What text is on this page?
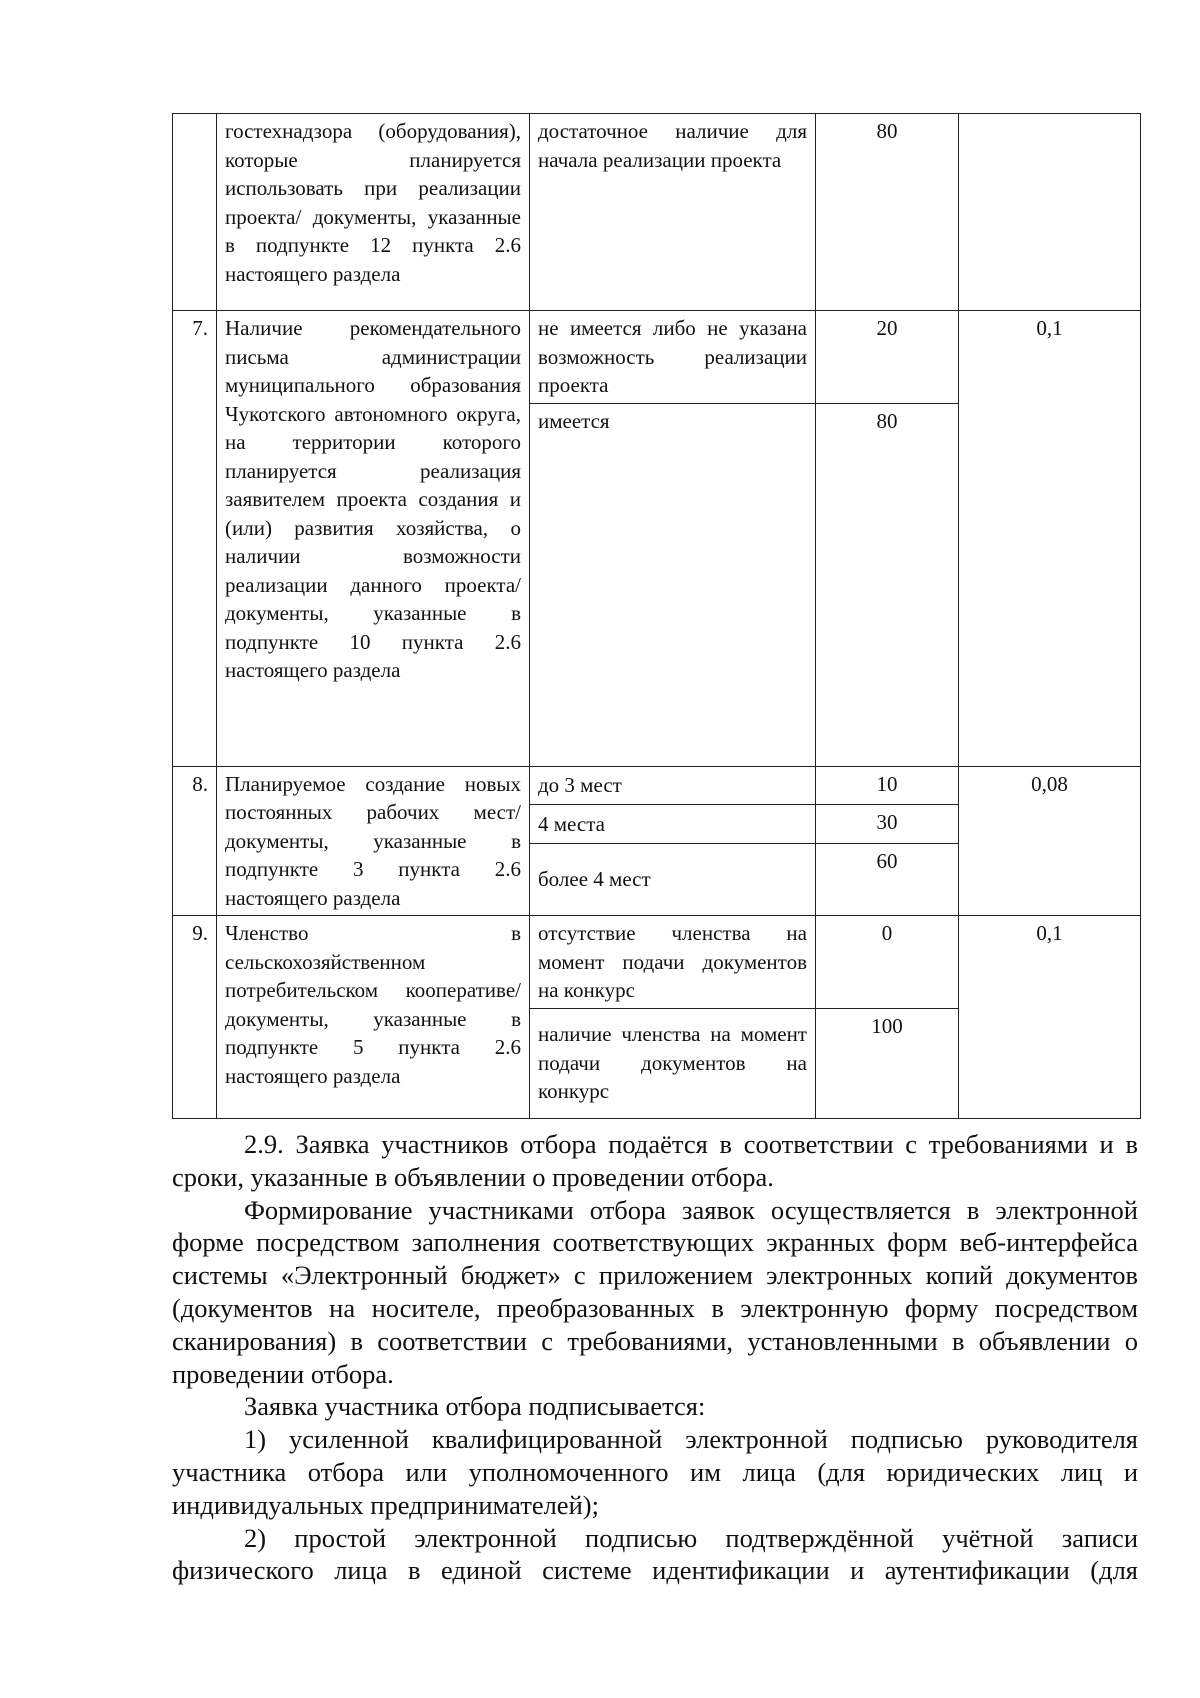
	гостехнадзора (оборудования), которые планируется использовать при реализации проекта/ документы, указанные в подпункте 12 пункта 2.6 настоящего раздела	достаточное наличие для начала реализации проекта	80	
7.	Наличие рекомендательного письма администрации муниципального образования Чукотского автономного округа, на территории которого планируется реализация заявителем проекта создания и (или) развития хозяйства, о наличии возможности реализации данного проекта/ документы, указанные в подпункте 10 пункта 2.6 настоящего раздела	не имеется либо не указана возможность реализации проекта	20	0,1
		имеется	80	
8.	Планируемое создание новых постоянных рабочих мест/документы, указанные в подпункте 3 пункта 2.6 настоящего раздела	до 3 мест	10	0,08
		4 места	30	
		более 4 мест	60	
9.	Членство в сельскохозяйственном потребительском кооперативе/документы, указанные в подпункте 5 пункта 2.6 настоящего раздела	отсутствие членства на момент подачи документов на конкурс	0	0,1
		наличие членства на момент подачи документов на конкурс	100	

2.9. Заявка участников отбора подаётся в соответствии с требованиями и в сроки, указанные в объявлении о проведении отбора.

Формирование участниками отбора заявок осуществляется в электронной форме посредством заполнения соответствующих экранных форм веб-интерфейса системы «Электронный бюджет» с приложением электронных копий документов (документов на носителе, преобразованных в электронную форму посредством сканирования) в соответствии с требованиями, установленными в объявлении о проведении отбора.

Заявка участника отбора подписывается:

1) усиленной квалифицированной электронной подписью руководителя участника отбора или уполномоченного им лица (для юридических лиц и индивидуальных предпринимателей);

2) простой электронной подписью подтверждённой учётной записи физического лица в единой системе идентификации и аутентификации (для
